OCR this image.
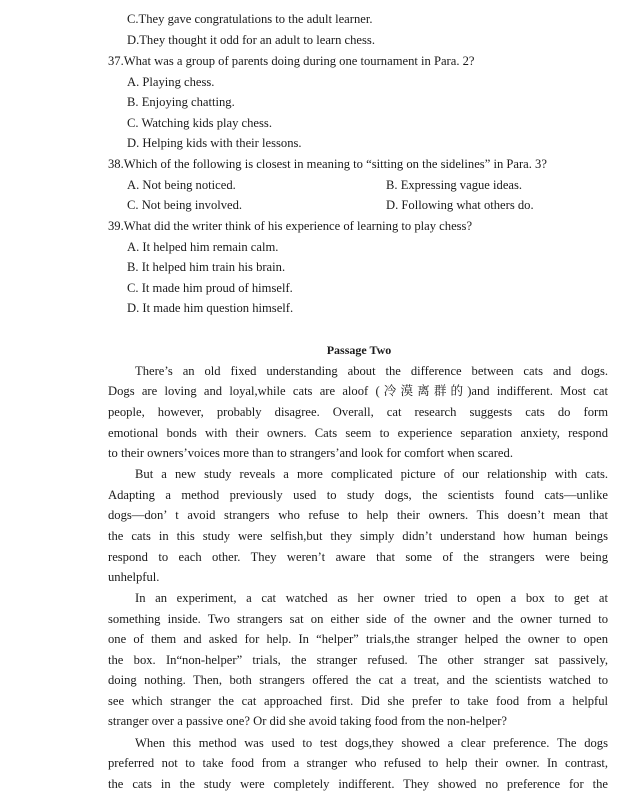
C.They gave congratulations to the adult learner.
D.They thought it odd for an adult to learn chess.
37.What was a group of parents doing during one tournament in Para. 2?
A. Playing chess.
B. Enjoying chatting.
C. Watching kids play chess.
D. Helping kids with their lessons.
38.Which of the following is closest in meaning to “sitting on the sidelines” in Para. 3?
A. Not being noticed.	B. Expressing vague ideas.
C. Not being involved.	D. Following what others do.
39.What did the writer think of his experience of learning to play chess?
A. It helped him remain calm.
B. It helped him train his brain.
C. It made him proud of himself.
D. It made him question himself.
Passage Two
There’s an old fixed understanding about the difference between cats and dogs.
Dogs are loving and loyal,while cats are aloof (冷漠离群的)and indifferent. Most cat
people, however, probably disagree. Overall, cat research suggests cats do form
emotional bonds with their owners. Cats seem to experience separation anxiety, respond
to their owners’voices more than to strangers’and look for comfort when scared.
But a new study reveals a more complicated picture of our relationship with cats.
Adapting a method previously used to study dogs, the scientists found cats—unlike
dogs—don’ t avoid strangers who refuse to help their owners. This doesn’t mean that
the cats in this study were selfish,but they simply didn’t understand how human beings
respond to each other. They weren’t aware that some of the strangers were being
unhelpful.
In an experiment, a cat watched as her owner tried to open a box to get at
something inside. Two strangers sat on either side of the owner and the owner turned to
one of them and asked for help. In “helper” trials,the stranger helped the owner to open
the box. In“non-helper” trials, the stranger refused. The other stranger sat passively,
doing nothing. Then, both strangers offered the cat a treat, and the scientists watched to
see which stranger the cat approached first. Did she prefer to take food from a helpful
stranger over a passive one? Or did she avoid taking food from the non-helper?
When this method was used to test dogs,they showed a clear preference. The dogs
preferred not to take food from a stranger who refused to help their owner. In contrast,
the cats in the study were completely indifferent. They showed no preference for the
